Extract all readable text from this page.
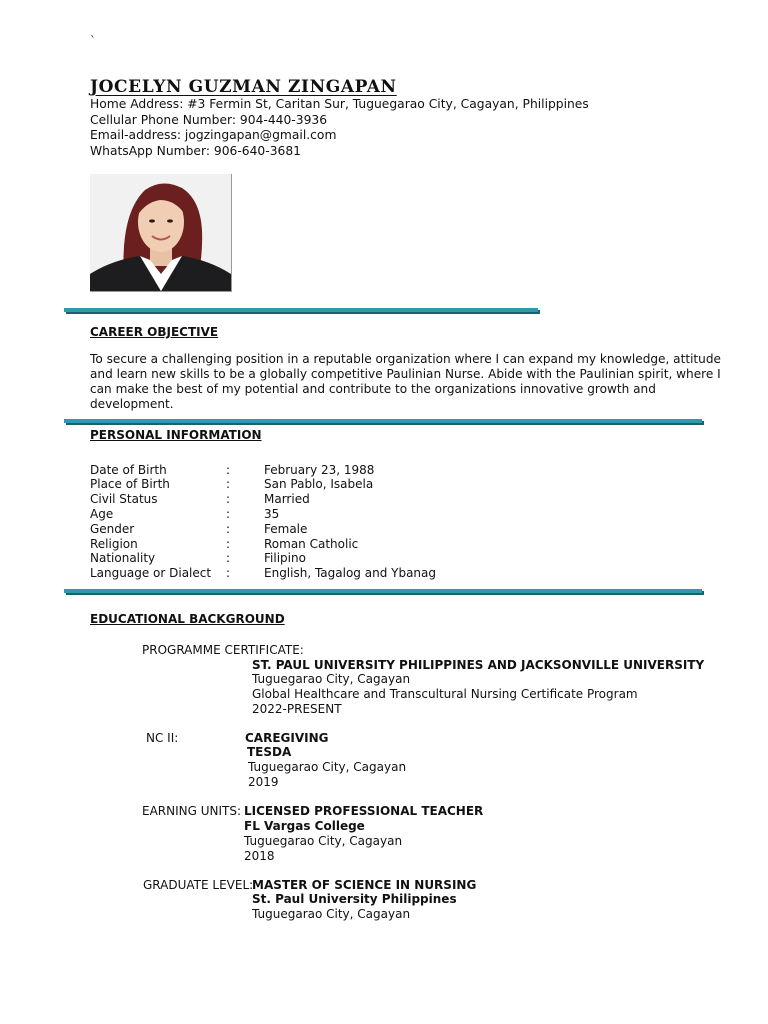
`
JOCELYN GUZMAN ZINGAPAN
Home Address: #3 Fermin St, Caritan Sur, Tuguegarao City, Cagayan, Philippines
Cellular Phone Number: 904-440-3936
Email-address: jogzingapan@gmail.com
WhatsApp Number: 906-640-3681
CAREER OBJECTIVE
To secure a challenging position in a reputable organization where I can expand my knowledge, attitude
and learn new skills to be a globally competitive Paulinian Nurse. Abide with the Paulinian spirit, where I
can make the best of my potential and contribute to the organizations innovative growth and
development.
PERSONAL INFORMATION
Date of Birth	:	February 23, 1988
Place of Birth	:	San Pablo, Isabela
Civil Status	:	Married
Age	:	35
Gender	:	Female
Religion	:	Roman Catholic
Nationality	:	Filipino
Language or Dialect :	English, Tagalog and Ybanag
EDUCATIONAL BACKGROUND
PROGRAMME CERTIFICATE:
ST. PAUL UNIVERSITY PHILIPPINES AND JACKSONVILLE UNIVERSITY
Tuguegarao City, Cagayan
Global Healthcare and Transcultural Nursing Certificate Program
2022-PRESENT
NC II:	CAREGIVING
TESDA
Tuguegarao City, Cagayan
2019
EARNING UNITS: LICENSED PROFESSIONAL TEACHER
FL Vargas College
Tuguegarao City, Cagayan
2018
GRADUATE LEVEL:
MASTER OF SCIENCE IN NURSING
St. Paul University Philippines
Tuguegarao City, Cagayan
